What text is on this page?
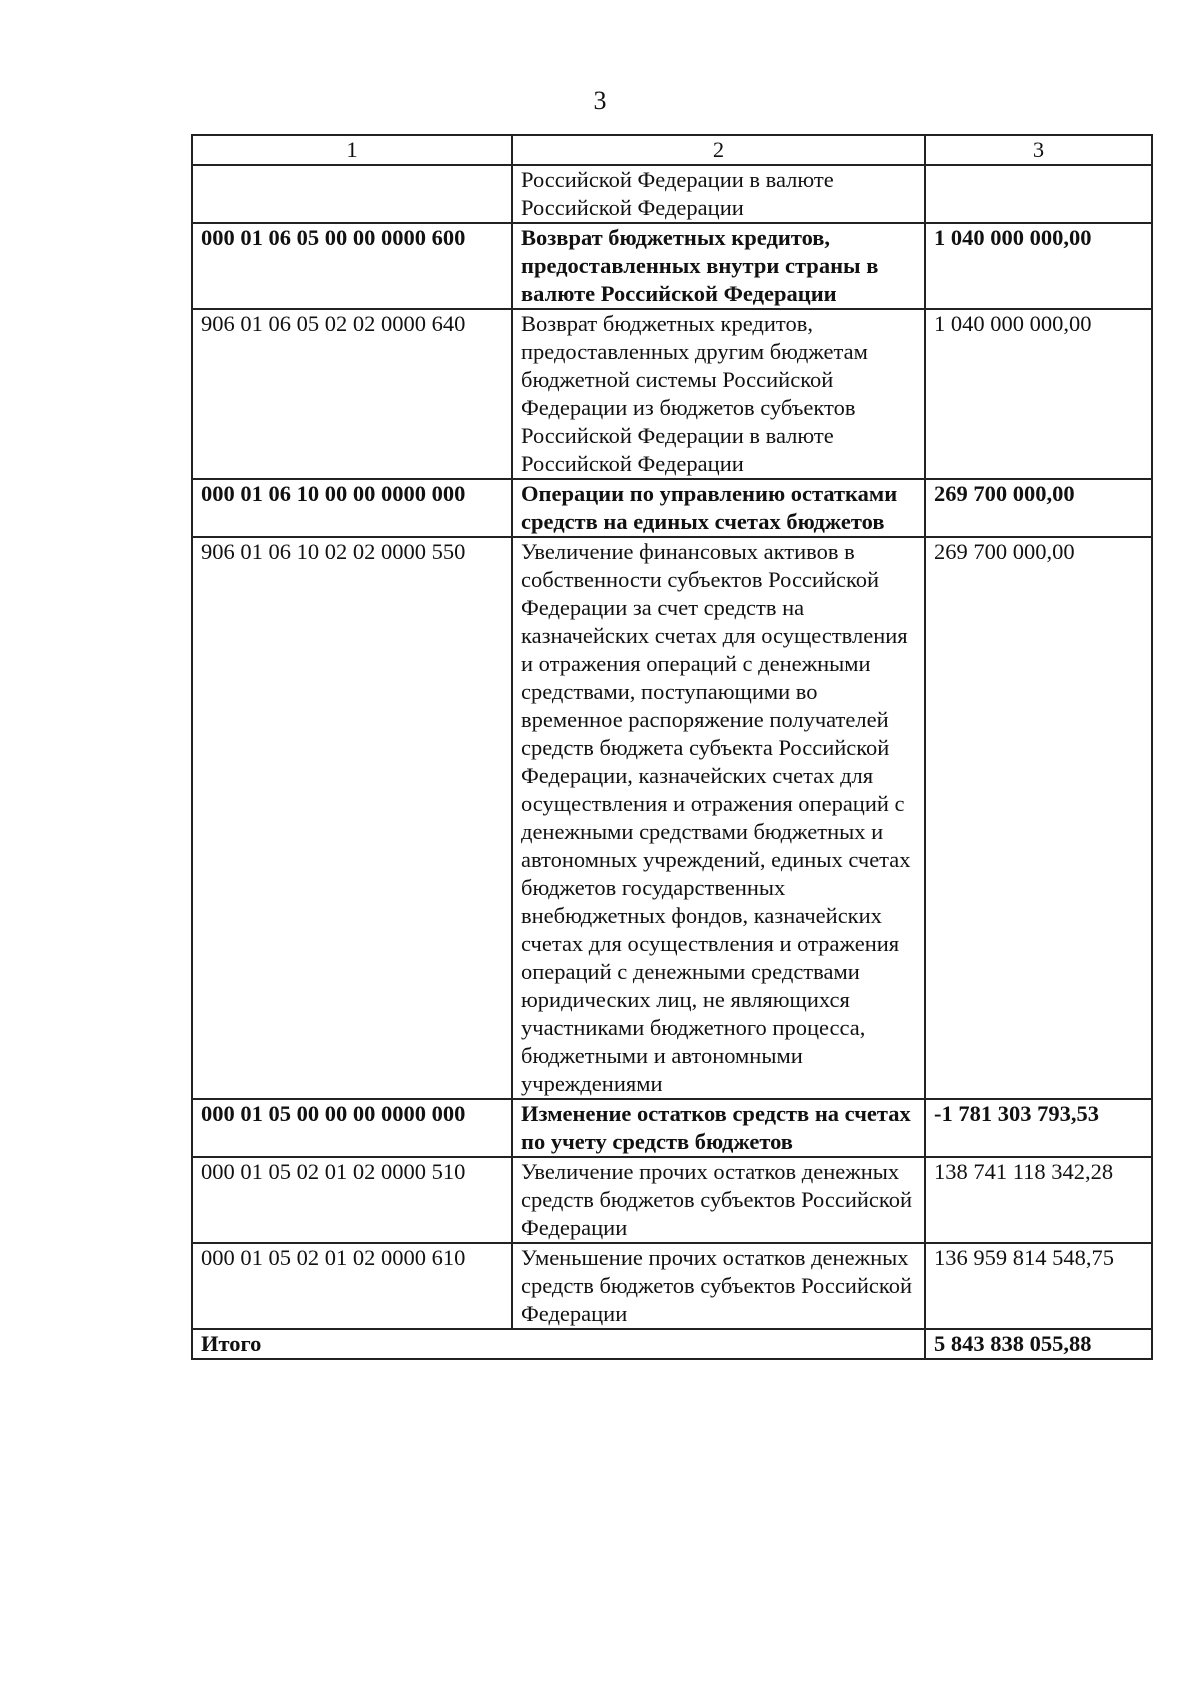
3
1	2	3
	Российской Федерации в валюте Российской Федерации	
000 01 06 05 00 00 0000 600	Возврат бюджетных кредитов, предоставленных внутри страны в валюте Российской Федерации	1 040 000 000,00
906 01 06 05 02 02 0000 640	Возврат бюджетных кредитов, предоставленных другим бюджетам бюджетной системы Российской Федерации из бюджетов субъектов Российской Федерации в валюте Российской Федерации	1 040 000 000,00
000 01 06 10 00 00 0000 000	Операции по управлению остатками средств на единых счетах бюджетов	269 700 000,00
906 01 06 10 02 02 0000 550	Увеличение финансовых активов в собственности субъектов Российской Федерации за счет средств на казначейских счетах для осуществления и отражения операций с денежными средствами, поступающими во временное распоряжение получателей средств бюджета субъекта Российской Федерации, казначейских счетах для осуществления и отражения операций с денежными средствами бюджетных и автономных учреждений, единых счетах бюджетов государственных внебюджетных фондов, казначейских счетах для осуществления и отражения операций с денежными средствами юридических лиц, не являющихся участниками бюджетного процесса, бюджетными и автономными учреждениями	269 700 000,00
000 01 05 00 00 00 0000 000	Изменение остатков средств на счетах по учету средств бюджетов	-1 781 303 793,53
000 01 05 02 01 02 0000 510	Увеличение прочих остатков денежных средств бюджетов субъектов Российской Федерации	138 741 118 342,28
000 01 05 02 01 02 0000 610	Уменьшение прочих остатков денежных средств бюджетов субъектов Российской Федерации	136 959 814 548,75
Итого		5 843 838 055,88
